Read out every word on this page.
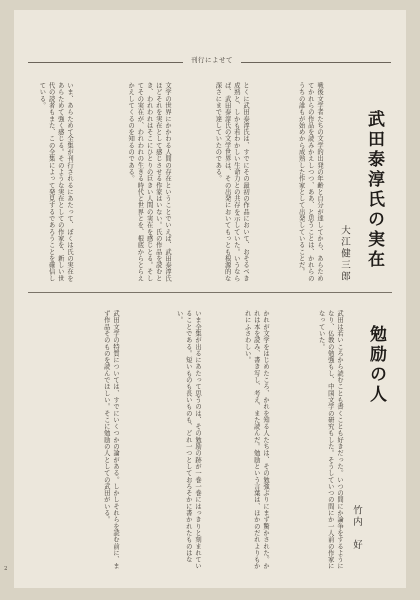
刊行によせて
武田泰淳氏の実在
大江健三郎
戦後文学者たちの文学的出発の年齢と自分が達してから、あらためてかれらの作品を読みかえしつつ、ああ、と思うことは、かれらのうちの誰もが始めから成熟した作家として出発していることだ。
とくに武田泰淳氏は、すでにその最初の作品において、おそるべき成熟と、しかも若わかしい生命力との共存を示していた。いうならば、武田泰淳氏の文学世界は、その出発においてもっとも根源的な深さにまで達していたのである。
文学の世界にかかわる人間の存在ということでいえば、武田泰淳氏ほどそれを実在として感じさせる作家はいない。氏の作品を読むとき、われわれはそこにひとりの巨きい人間の実在を感じとる。そしてその実在が、われわれの生きる時代と世界とを、根底からとらえかえしてくるのを知るのである。
いま、あらためて全集が刊行されるにあたって、ぼくは氏の実在をあらためて強く感じる。そのような実在としての作家を、新しい世代の読者もまた、この全集によって発見するであろうことを確信している。
勉励の人
竹内　好
武田は若いころから読むことも書くことも好きだった。いつの間にか論争をするようになり、仏教の勉強もし、中国文学の研究もした。そうしていつの間にか一人前の作家になっていた。
かれが文学をはじめたころ、かれを知る人たちは、その勉強ぶりにまず驚かされた。かれは本を読み、書き写し、考え、また読んだ。勉励という言葉は、ほかのだれよりもかれにふさわしい。
いま全集が出るにあたって思うのは、その勉励の跡が一巻一巻にはっきりと刻まれていることである。短いものも長いものも、どれ一つとしておろそかに書かれたものはない。
武田文学の特質については、すでにいくつかの論がある。しかしそれらを読む前に、まず作品そのものを読んでほしい。そこに勉励の人としての武田がいる。
2
